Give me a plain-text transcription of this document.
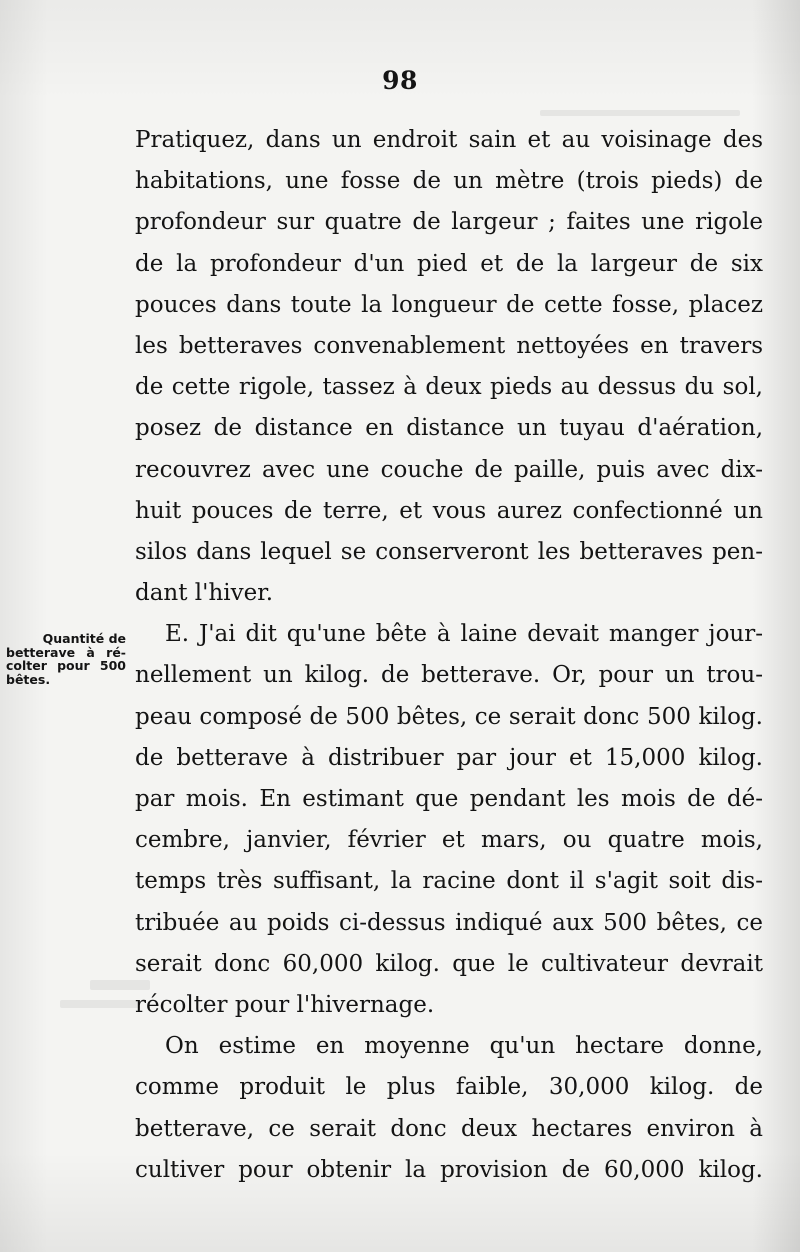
98
Quantité de
betterave à ré-
colter pour 500
bêtes.
Pratiquez, dans un endroit sain et au voisinage des
habitations, une fosse de un mètre (trois pieds) de
profondeur sur quatre de largeur ; faites une rigole
de la profondeur d'un pied et de la largeur de six
pouces dans toute la longueur de cette fosse, placez
les betteraves convenablement nettoyées en travers
de cette rigole, tassez à deux pieds au dessus du sol,
posez de distance en distance un tuyau d'aération,
recouvrez avec une couche de paille, puis avec dix-
huit pouces de terre, et vous aurez confectionné un
silos dans lequel se conserveront les betteraves pen-
dant l'hiver.
E. J'ai dit qu'une bête à laine devait manger jour-
nellement un kilog. de betterave. Or, pour un trou-
peau composé de 500 bêtes, ce serait donc 500 kilog.
de betterave à distribuer par jour et 15,000 kilog.
par mois. En estimant que pendant les mois de dé-
cembre, janvier, février et mars, ou quatre mois,
temps très suffisant, la racine dont il s'agit soit dis-
tribuée au poids ci-dessus indiqué aux 500 bêtes, ce
serait donc 60,000 kilog. que le cultivateur devrait
récolter pour l'hivernage.
On estime en moyenne qu'un hectare donne,
comme produit le plus faible, 30,000 kilog. de
betterave, ce serait donc deux hectares environ à
cultiver pour obtenir la provision de 60,000 kilog.
